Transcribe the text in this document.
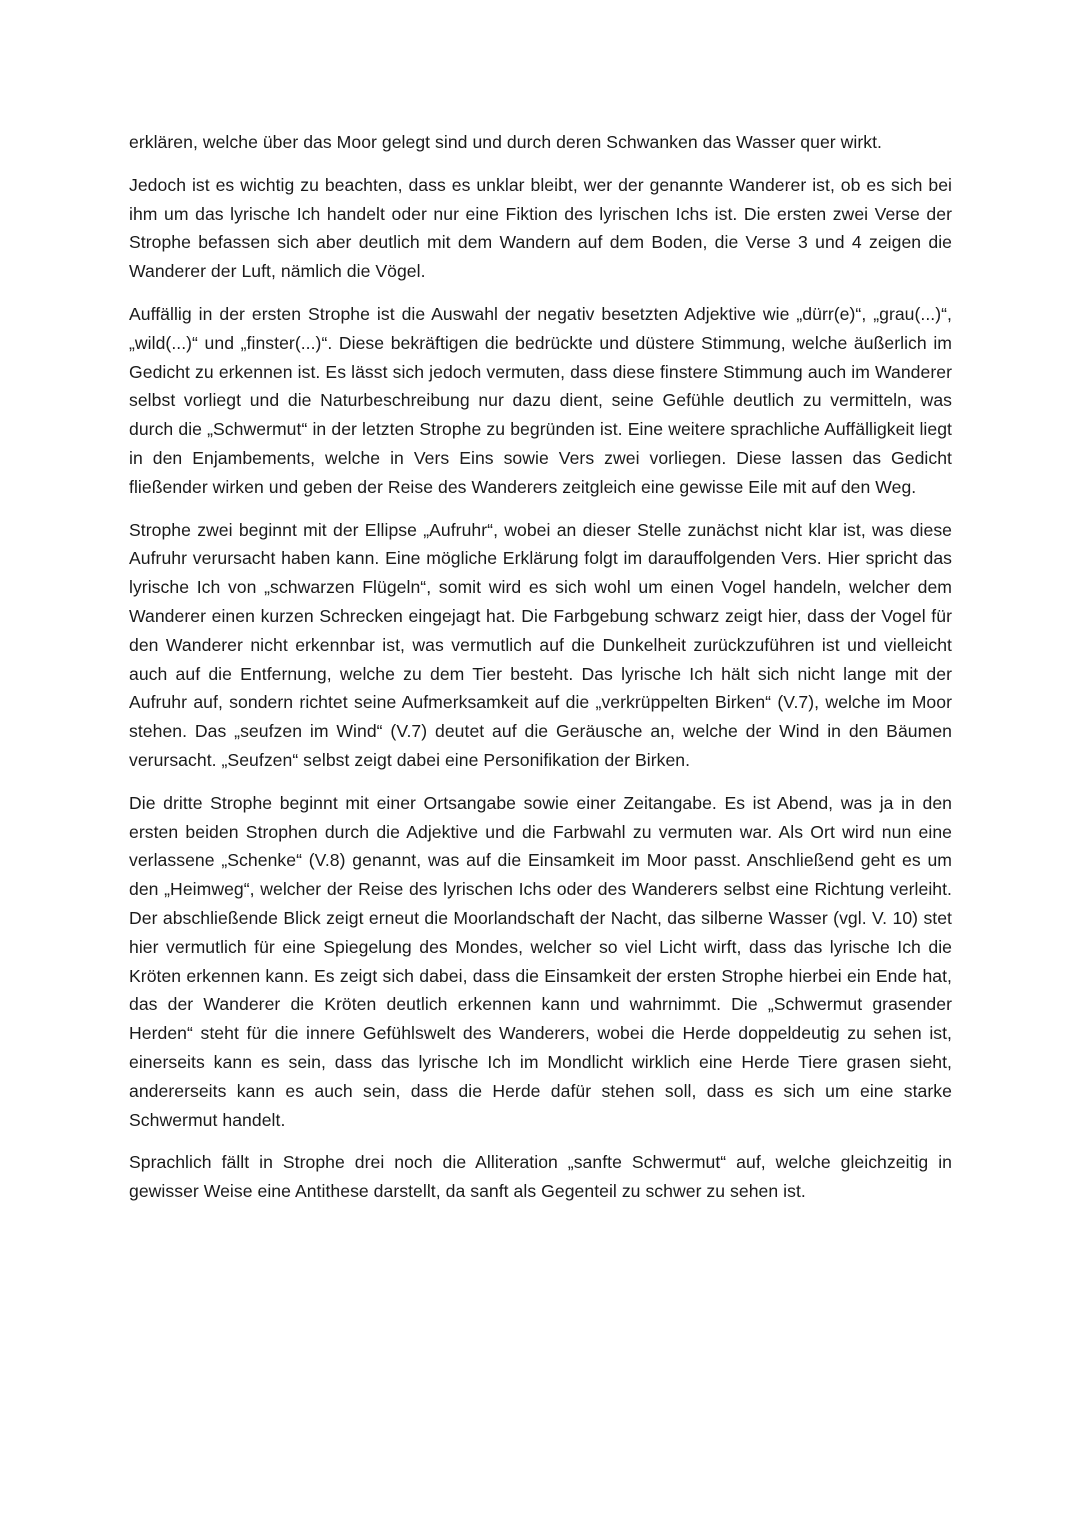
erklären, welche über das Moor gelegt sind und durch deren Schwanken das Wasser quer wirkt.

Jedoch ist es wichtig zu beachten, dass es unklar bleibt, wer der genannte Wanderer ist, ob es sich bei ihm um das lyrische Ich handelt oder nur eine Fiktion des lyrischen Ichs ist. Die ersten zwei Verse der Strophe befassen sich aber deutlich mit dem Wandern auf dem Boden, die Verse 3 und 4 zeigen die Wanderer der Luft, nämlich die Vögel.

Auffällig in der ersten Strophe ist die Auswahl der negativ besetzten Adjektive wie „dürr(e)“, „grau(...)“, „wild(...)“ und „finster(...)“. Diese bekräftigen die bedrückte und düstere Stimmung, welche äußerlich im Gedicht zu erkennen ist. Es lässt sich jedoch vermuten, dass diese finstere Stimmung auch im Wanderer selbst vorliegt und die Naturbeschreibung nur dazu dient, seine Gefühle deutlich zu vermitteln, was durch die „Schwermut“ in der letzten Strophe zu begründen ist. Eine weitere sprachliche Auffälligkeit liegt in den Enjambements, welche in Vers Eins sowie Vers zwei vorliegen. Diese lassen das Gedicht fließender wirken und geben der Reise des Wanderers zeitgleich eine gewisse Eile mit auf den Weg.

Strophe zwei beginnt mit der Ellipse „Aufruhr“, wobei an dieser Stelle zunächst nicht klar ist, was diese Aufruhr verursacht haben kann. Eine mögliche Erklärung folgt im darauffolgenden Vers. Hier spricht das lyrische Ich von „schwarzen Flügeln“, somit wird es sich wohl um einen Vogel handeln, welcher dem Wanderer einen kurzen Schrecken eingejagt hat. Die Farbgebung schwarz zeigt hier, dass der Vogel für den Wanderer nicht erkennbar ist, was vermutlich auf die Dunkelheit zurückzuführen ist und vielleicht auch auf die Entfernung, welche zu dem Tier besteht. Das lyrische Ich hält sich nicht lange mit der Aufruhr auf, sondern richtet seine Aufmerksamkeit auf die „verkrüppelten Birken“ (V.7), welche im Moor stehen. Das „seufzen im Wind“ (V.7) deutet auf die Geräusche an, welche der Wind in den Bäumen verursacht. „Seufzen“ selbst zeigt dabei eine Personifikation der Birken.

Die dritte Strophe beginnt mit einer Ortsangabe sowie einer Zeitangabe. Es ist Abend, was ja in den ersten beiden Strophen durch die Adjektive und die Farbwahl zu vermuten war. Als Ort wird nun eine verlassene „Schenke“ (V.8) genannt, was auf die Einsamkeit im Moor passt. Anschließend geht es um den „Heimweg“, welcher der Reise des lyrischen Ichs oder des Wanderers selbst eine Richtung verleiht. Der abschließende Blick zeigt erneut die Moorlandschaft der Nacht, das silberne Wasser (vgl. V. 10) stet hier vermutlich für eine Spiegelung des Mondes, welcher so viel Licht wirft, dass das lyrische Ich die Kröten erkennen kann. Es zeigt sich dabei, dass die Einsamkeit der ersten Strophe hierbei ein Ende hat, das der Wanderer die Kröten deutlich erkennen kann und wahrnimmt. Die „Schwermut grasender Herden“ steht für die innere Gefühlswelt des Wanderers, wobei die Herde doppeldeutig zu sehen ist, einerseits kann es sein, dass das lyrische Ich im Mondlicht wirklich eine Herde Tiere grasen sieht, andererseits kann es auch sein, dass die Herde dafür stehen soll, dass es sich um eine starke Schwermut handelt.

Sprachlich fällt in Strophe drei noch die Alliteration „sanfte Schwermut“ auf, welche gleichzeitig in gewisser Weise eine Antithese darstellt, da sanft als Gegenteil zu schwer zu sehen ist.
